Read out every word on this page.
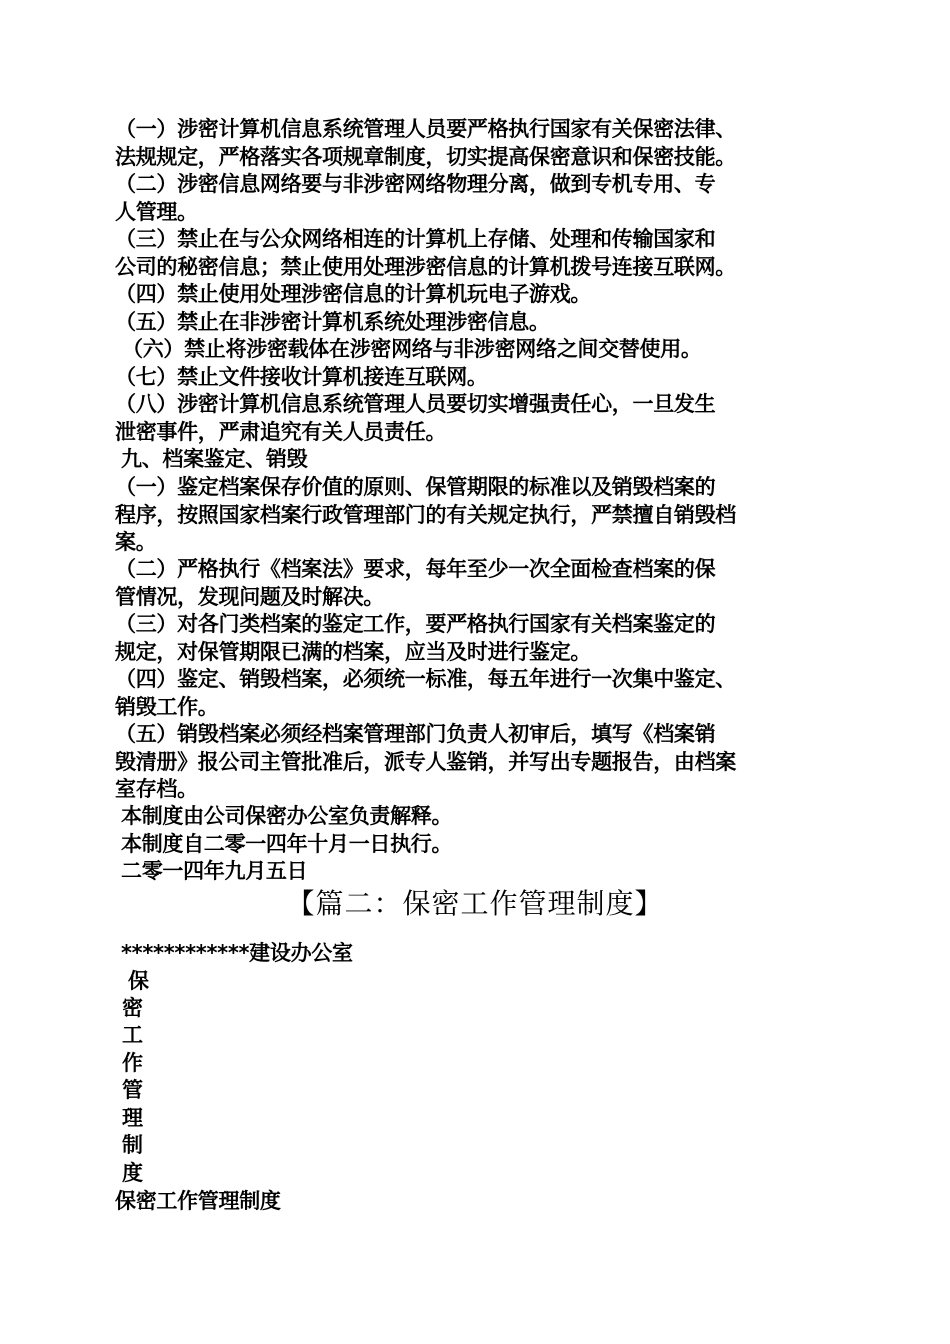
（一）涉密计算机信息系统管理人员要严格执行国家有关保密法律、
法规规定，严格落实各项规章制度，切实提高保密意识和保密技能。
（二）涉密信息网络要与非涉密网络物理分离，做到专机专用、专
人管理。
（三）禁止在与公众网络相连的计算机上存储、处理和传输国家和
公司的秘密信息；禁止使用处理涉密信息的计算机拨号连接互联网。
（四）禁止使用处理涉密信息的计算机玩电子游戏。
（五）禁止在非涉密计算机系统处理涉密信息。
（六）禁止将涉密载体在涉密网络与非涉密网络之间交替使用。
（七）禁止文件接收计算机接连互联网。
（八）涉密计算机信息系统管理人员要切实增强责任心，一旦发生
泄密事件，严肃追究有关人员责任。
九、档案鉴定、销毁
（一）鉴定档案保存价值的原则、保管期限的标准以及销毁档案的
程序，按照国家档案行政管理部门的有关规定执行，严禁擅自销毁档
案。
（二）严格执行《档案法》要求，每年至少一次全面检查档案的保
管情况，发现问题及时解决。
（三）对各门类档案的鉴定工作，要严格执行国家有关档案鉴定的
规定，对保管期限已满的档案，应当及时进行鉴定。
（四）鉴定、销毁档案，必须统一标准，每五年进行一次集中鉴定、
销毁工作。
（五）销毁档案必须经档案管理部门负责人初审后，填写《档案销
毁清册》报公司主管批准后，派专人鉴销，并写出专题报告，由档案
室存档。
本制度由公司保密办公室负责解释。
本制度自二零一四年十月一日执行。
二零一四年九月五日
【篇二：保密工作管理制度】
************建设办公室
保
密
工
作
管
理
制
度
保密工作管理制度
